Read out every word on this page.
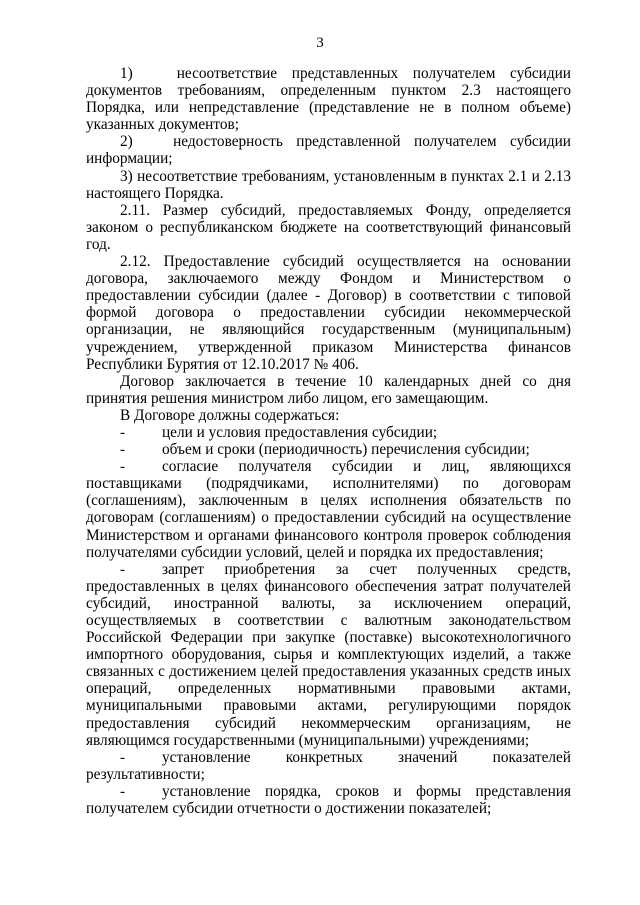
3

1)   несоответствие представленных получателем субсидии документов требованиям, определенным пунктом 2.3 настоящего Порядка, или непредставление (представление не в полном объеме) указанных документов;

2)   недостоверность представленной получателем субсидии информации;

3) несоответствие требованиям, установленным в пунктах 2.1 и 2.13 настоящего Порядка.

2.11. Размер субсидий, предоставляемых Фонду, определяется законом о республиканском бюджете на соответствующий финансовый год.

2.12. Предоставление субсидий осуществляется на основании договора, заключаемого между Фондом и Министерством о предоставлении субсидии (далее - Договор) в соответствии с типовой формой договора о предоставлении субсидии некоммерческой организации, не являющийся государственным (муниципальным) учреждением, утвержденной приказом Министерства финансов Республики Бурятия от 12.10.2017 № 406.

Договор заключается в течение 10 календарных дней со дня принятия решения министром либо лицом, его замещающим.

В Договоре должны содержаться:

- цели и условия предоставления субсидии;

- объем и сроки (периодичность) перечисления субсидии;

- согласие получателя субсидии и лиц, являющихся поставщиками (подрядчиками, исполнителями) по договорам (соглашениям), заключенным в целях исполнения обязательств по договорам (соглашениям) о предоставлении субсидий на осуществление Министерством и органами финансового контроля проверок соблюдения получателями субсидии условий, целей и порядка их предоставления;

- запрет приобретения за счет полученных средств, предоставленных в целях финансового обеспечения затрат получателей субсидий, иностранной валюты, за исключением операций, осуществляемых в соответствии с валютным законодательством Российской Федерации при закупке (поставке) высокотехнологичного импортного оборудования, сырья и комплектующих изделий, а также связанных с достижением целей предоставления указанных средств иных операций, определенных нормативными правовыми актами, муниципальными правовыми актами, регулирующими порядок предоставления субсидий некоммерческим организациям, не являющимся государственными (муниципальными) учреждениями;

- установление конкретных значений показателей результативности;

- установление порядка, сроков и формы представления получателем субсидии отчетности о достижении показателей;
